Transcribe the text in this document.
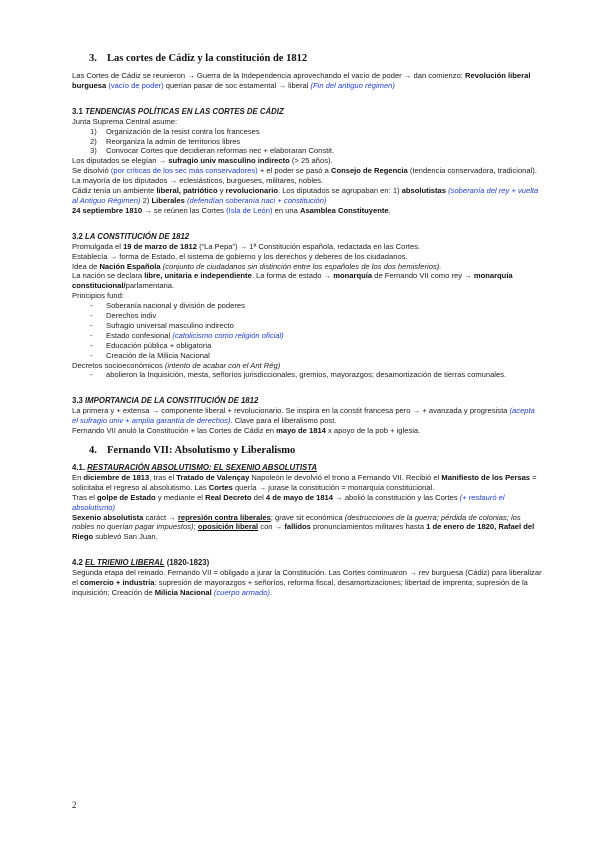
3. Las cortes de Cádiz y la constitución de 1812

Las Cortes de Cádiz se reunieron → Guerra de la Independencia aprovechando el vacío de poder → dan comienzo: Revolución liberal burguesa (vacío de poder) querían pasar de soc estamental → liberal (Fin del antiguo régimen)

3.1 TENDENCIAS POLÍTICAS EN LAS CORTES DE CÁDIZ

Junta Suprema Central asume:

1) Organización de la resist contra los franceses
2) Reorganiza la admin de territorios libres
3) Convocar Cortes que decidieran reformas nec + elaboraran Constit.

Los diputados se elegían → sufragio univ masculino indirecto (> 25 años).

Se disolvió (por críticas de los sec más conservadores) + el poder se pasó a Consejo de Regencia (tendencia conservadora, tradicional).

La mayoría de los diputados → eclesiásticos, burgueses, militares, nobles.

Cádiz tenía un ambiente liberal, patriótico y revolucionario. Los diputados se agrupaban en: 1) absolutistas (soberanía del rey + vuelta al Antiguo Régimen) 2) Liberales (defendían soberanía naci + constitución)

24 septiembre 1810 → se reúnen las Cortes (Isla de León) en una Asamblea Constituyente.

3.2 LA CONSTITUCIÓN DE 1812

Promulgada el 19 de marzo de 1812 (“La Pepa”) → 1ª Constitución española, redactada en las Cortes.

Establecía → forma de Estado, el sistema de gobierno y los derechos y deberes de los ciudadanos.

Idea de Nación Española (conjunto de ciudadanos sin distinción entre los españoles de los dos hemisferios).

La nación se declara libre, unitaria e independiente. La forma de estado → monarquía de Fernando VII como rey → monarquía constitucional/parlamentaria.

Principios fund:

- Soberanía nacional y división de poderes
- Derechos indiv
- Sufragio universal masculino indirecto
- Estado confesional (catolicismo como religión oficial)
- Educación pública + obligatoria
- Creación de la Milicia Nacional

Decretos socioeconómicos (intento de acabar con el Ant Rég)

- abolieron la Inquisición, mesta, señoríos jurisdiccionales, gremios, mayorazgos; desamortización de tierras comunales.
3.3 IMPORTANCIA DE LA CONSTITUCIÓN DE 1812

La primera y + extensa → componente liberal + revolucionario. Se inspira en la constit francesa pero → + avanzada y progresista (acepta el sufragio univ + amplia garantía de derechos). Clave para el liberalismo post.

Fernando VII anuló la Constitución + las Cortes de Cádiz en mayo de 1814 x apoyo de la pob + iglesia.

4. Fernando VII: Absolutismo y Liberalismo
4.1. RESTAURACIÓN ABSOLUTISMO: EL SEXENIO ABSOLUTISTA

En diciembre de 1813, tras el Tratado de Valençay Napoleón le devolvió el trono a Fernando VII. Recibió el Manifiesto de los Persas = solicitaba el regreso al absolutismo. Las Cortes quería → jurase la constitución = monarquía constitucional.

Tras el golpe de Estado y mediante el Real Decreto del 4 de mayo de 1814 → abolió la constitución y las Cortes (+ restauró el absolutismo)

Sexenio absolutista caráct → represión contra liberales; grave sit económica (destrucciones de la guerra; pérdida de colonias; los nobles no querían pagar impuestos); oposición liberal con → fallidos pronunciamientos militares hasta 1 de enero de 1820, Rafael del Riego sublevó San Juan.

4.2 EL TRIENIO LIBERAL (1820-1823)

Segunda etapa del reinado. Fernando VII = obligado a jurar la Constitución. Las Cortes continuaron → rev burguesa (Cádiz) para liberalizar el comercio + industria: supresión de mayorazgos + señoríos, reforma fiscal, desamortizaciones; libertad de imprenta; supresión de la inquisición; Creación de Milicia Nacional (cuerpo armado).

2
